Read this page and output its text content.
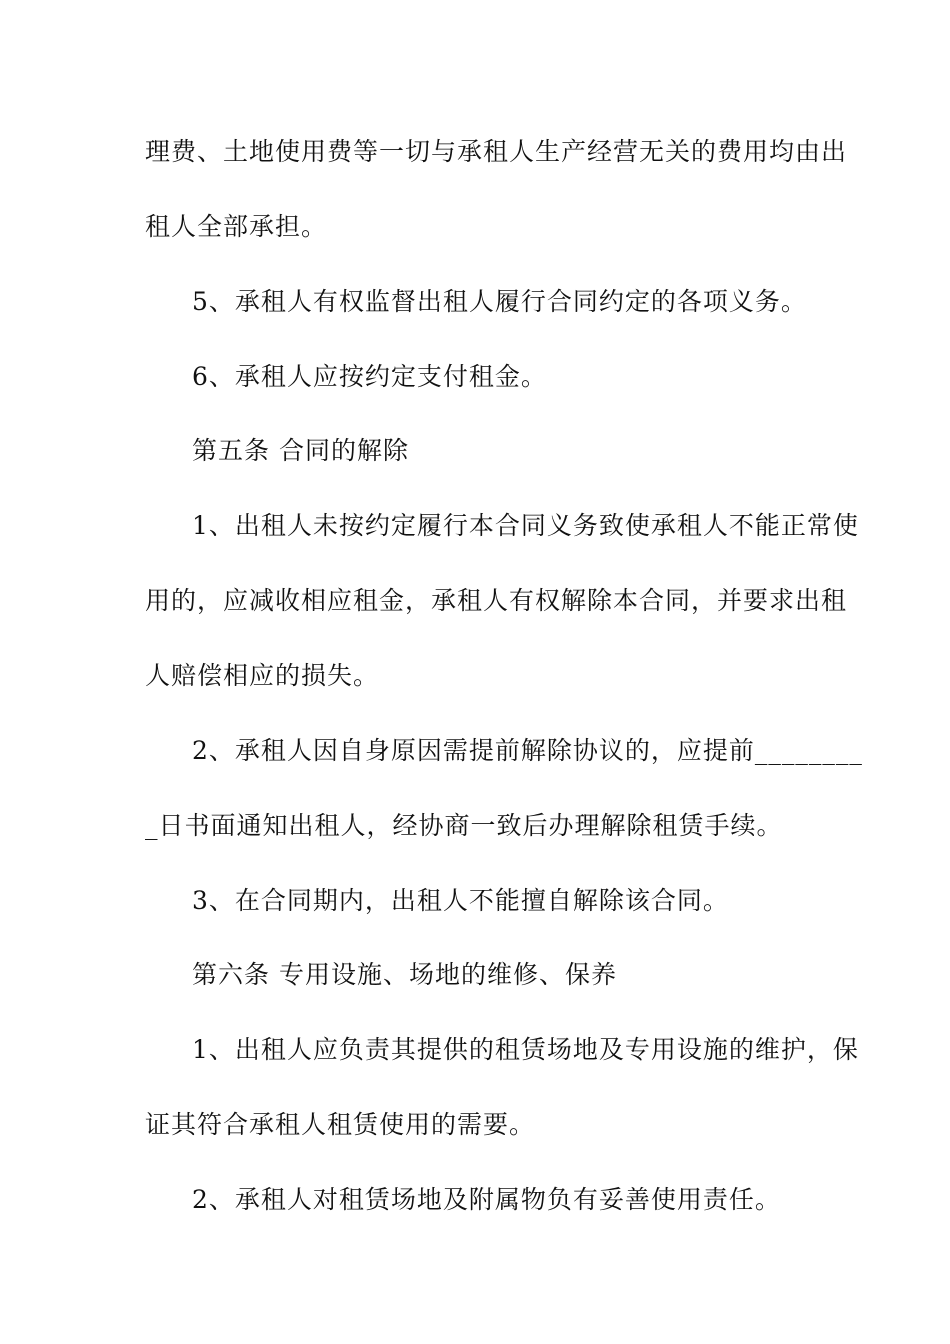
理费、土地使用费等一切与承租人生产经营无关的费用均由出
租人全部承担。
5、承租人有权监督出租人履行合同约定的各项义务。
6、承租人应按约定支付租金。
第五条 合同的解除
1、出租人未按约定履行本合同义务致使承租人不能正常使
用的，应减收相应租金，承租人有权解除本合同，并要求出租
人赔偿相应的损失。
2、承租人因自身原因需提前解除协议的，应提前________
_日书面通知出租人，经协商一致后办理解除租赁手续。
3、在合同期内，出租人不能擅自解除该合同。
第六条 专用设施、场地的维修、保养
1、出租人应负责其提供的租赁场地及专用设施的维护，保
证其符合承租人租赁使用的需要。
2、承租人对租赁场地及附属物负有妥善使用责任。
